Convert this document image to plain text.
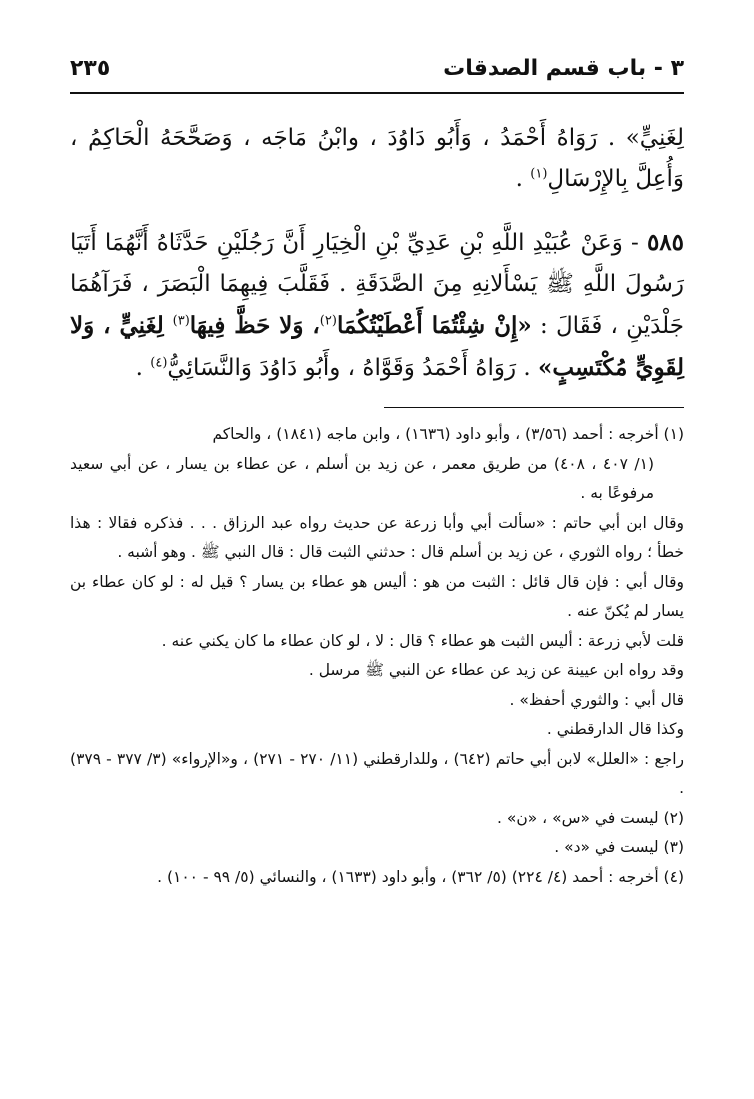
٣ - باب قسم الصدقات
٢٣٥

لِغَنِيٍّ» . رَوَاهُ أَحْمَدُ ، وَأَبُو دَاوُدَ ، وابْنُ مَاجَه ، وَصَحَّحَهُ الْحَاكِمُ ، وَأُعِلَّ بِالإِرْسَالِ$^{(١)}$ .

٥٨٥ - وَعَنْ عُبَيْدِ اللَّهِ بْنِ عَدِيِّ بْنِ الْخِيَارِ أَنَّ رَجُلَيْنِ حَدَّثَاهُ أَنَّهُمَا أَتَيَا رَسُولَ اللَّهِ ﷺ يَسْأَلانِهِ مِنَ الصَّدَقَةِ . فَقَلَّبَ فِيهِمَا الْبَصَرَ ، فَرَآهُمَا جَلْدَيْنِ ، فَقَالَ : «إِنْ شِئْتُمَا أَعْطَيْتُكُمَا$^{(٢)}$، وَلا حَظَّ فِيهَا$^{(٣)}$ لِغَنِيٍّ ، وَلا لِقَوِيٍّ مُكْتَسِبٍ» . رَوَاهُ أَحْمَدُ وَقَوَّاهُ ، وأَبُو دَاوُدَ وَالنَّسَائِيُّ$^{(٤)}$ .

(١) أخرجه : أحمد (٣/٥٦) ، وأبو داود (١٦٣٦) ، وابن ماجه (١٨٤١) ، والحاكم

(١/ ٤٠٧ ، ٤٠٨) من طريق معمر ، عن زيد بن أسلم ، عن عطاء بن يسار ، عن أبي سعيد مرفوعًا به .

وقال ابن أبي حاتم : «سألت أبي وأبا زرعة عن حديث رواه عبد الرزاق . . . فذكره فقالا : هذا خطأ ؛ رواه الثوري ، عن زيد بن أسلم قال : حدثني الثبت قال : قال النبي ﷺ . وهو أشبه .

وقال أبي : فإن قال قائل : الثبت من هو : أليس هو عطاء بن يسار ؟ قيل له : لو كان عطاء بن يسار لم يُكنّ عنه .

قلت لأبي زرعة : أليس الثبت هو عطاء ؟ قال : لا ، لو كان عطاء ما كان يكني عنه .

وقد رواه ابن عيينة عن زيد عن عطاء عن النبي ﷺ مرسل .

قال أبي : والثوري أحفظ» .

وكذا قال الدارقطني .

راجع : «العلل» لابن أبي حاتم (٦٤٢) ، وللدارقطني (١١/ ٢٧٠ - ٢٧١) ، و«الإرواء» (٣/ ٣٧٧ - ٣٧٩) .

(٢) ليست في «س» ، «ن» .

(٣) ليست في «د» .

(٤) أخرجه : أحمد (٤/ ٢٢٤) (٥/ ٣٦٢) ، وأبو داود (١٦٣٣) ، والنسائي (٥/ ٩٩ - ١٠٠) .
